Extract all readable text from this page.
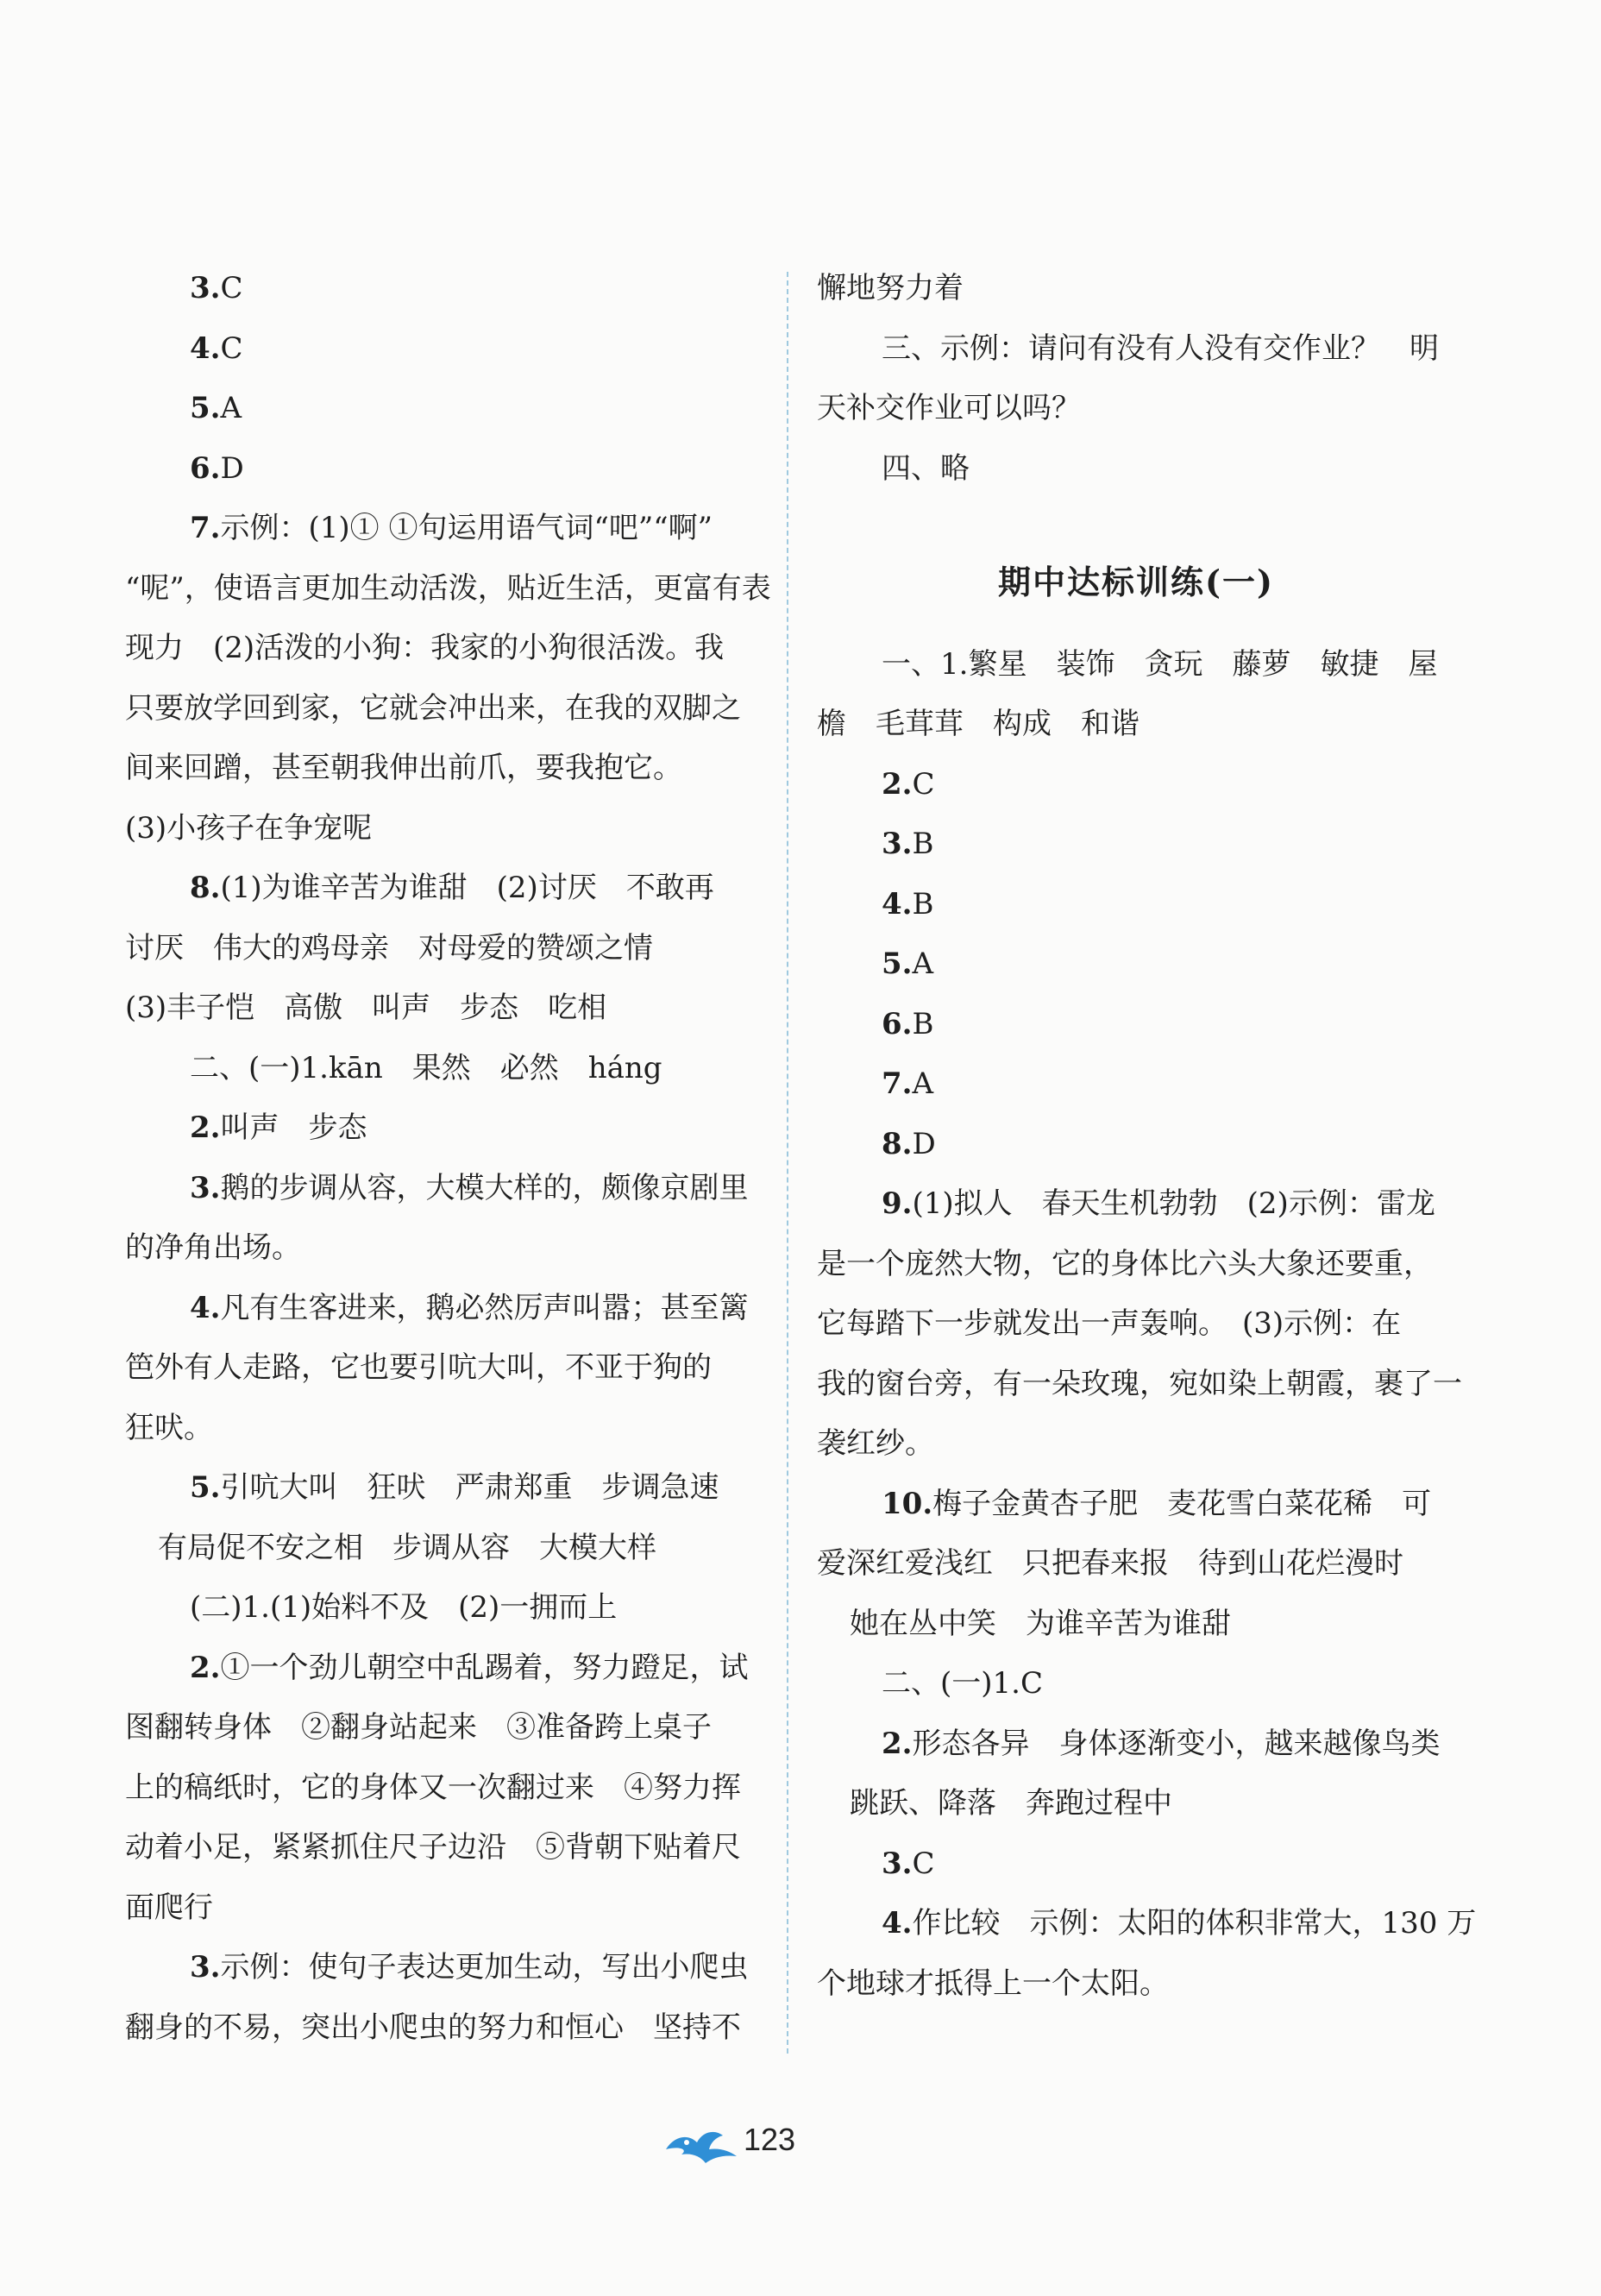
3.C

4.C

5.A

6.D

7.示例：(1)① ①句运用语气词“吧”“啊”

“呢”，使语言更加生动活泼，贴近生活，更富有表

现力　(2)活泼的小狗：我家的小狗很活泼。我

只要放学回到家，它就会冲出来，在我的双脚之

间来回蹭，甚至朝我伸出前爪，要我抱它。

(3)小孩子在争宠呢

8.(1)为谁辛苦为谁甜　(2)讨厌　不敢再

讨厌　伟大的鸡母亲　对母爱的赞颂之情

(3)丰子恺　高傲　叫声　步态　吃相

二、(一)1.kān　果然　必然　háng

2.叫声　步态

3.鹅的步调从容，大模大样的，颇像京剧里

的净角出场。

4.凡有生客进来，鹅必然厉声叫嚣；甚至篱

笆外有人走路，它也要引吭大叫，不亚于狗的

狂吠。

5.引吭大叫　狂吠　严肃郑重　步调急速

有局促不安之相　步调从容　大模大样

(二)1.(1)始料不及　(2)一拥而上

2.①一个劲儿朝空中乱踢着，努力蹬足，试

图翻转身体　②翻身站起来　③准备跨上桌子

上的稿纸时，它的身体又一次翻过来　④努力挥

动着小足，紧紧抓住尺子边沿　⑤背朝下贴着尺

面爬行

3.示例：使句子表达更加生动，写出小爬虫

翻身的不易，突出小爬虫的努力和恒心　坚持不

懈地努力着

三、示例：请问有没有人没有交作业？　明

天补交作业可以吗？

四、略

期中达标训练(一)

一、1.繁星　装饰　贪玩　藤萝　敏捷　屋

檐　毛茸茸　构成　和谐

2.C

3.B

4.B

5.A

6.B

7.A

8.D

9.(1)拟人　春天生机勃勃　(2)示例：雷龙

是一个庞然大物，它的身体比六头大象还要重，

它每踏下一步就发出一声轰响。　(3)示例：在

我的窗台旁，有一朵玫瑰，宛如染上朝霞，裹了一

袭红纱。

10.梅子金黄杏子肥　麦花雪白菜花稀　可

爱深红爱浅红　只把春来报　待到山花烂漫时

她在丛中笑　为谁辛苦为谁甜

二、(一)1.C

2.形态各异　身体逐渐变小，越来越像鸟类

跳跃、降落　奔跑过程中

3.C

4.作比较　示例：太阳的体积非常大，130 万

个地球才抵得上一个太阳。

123
